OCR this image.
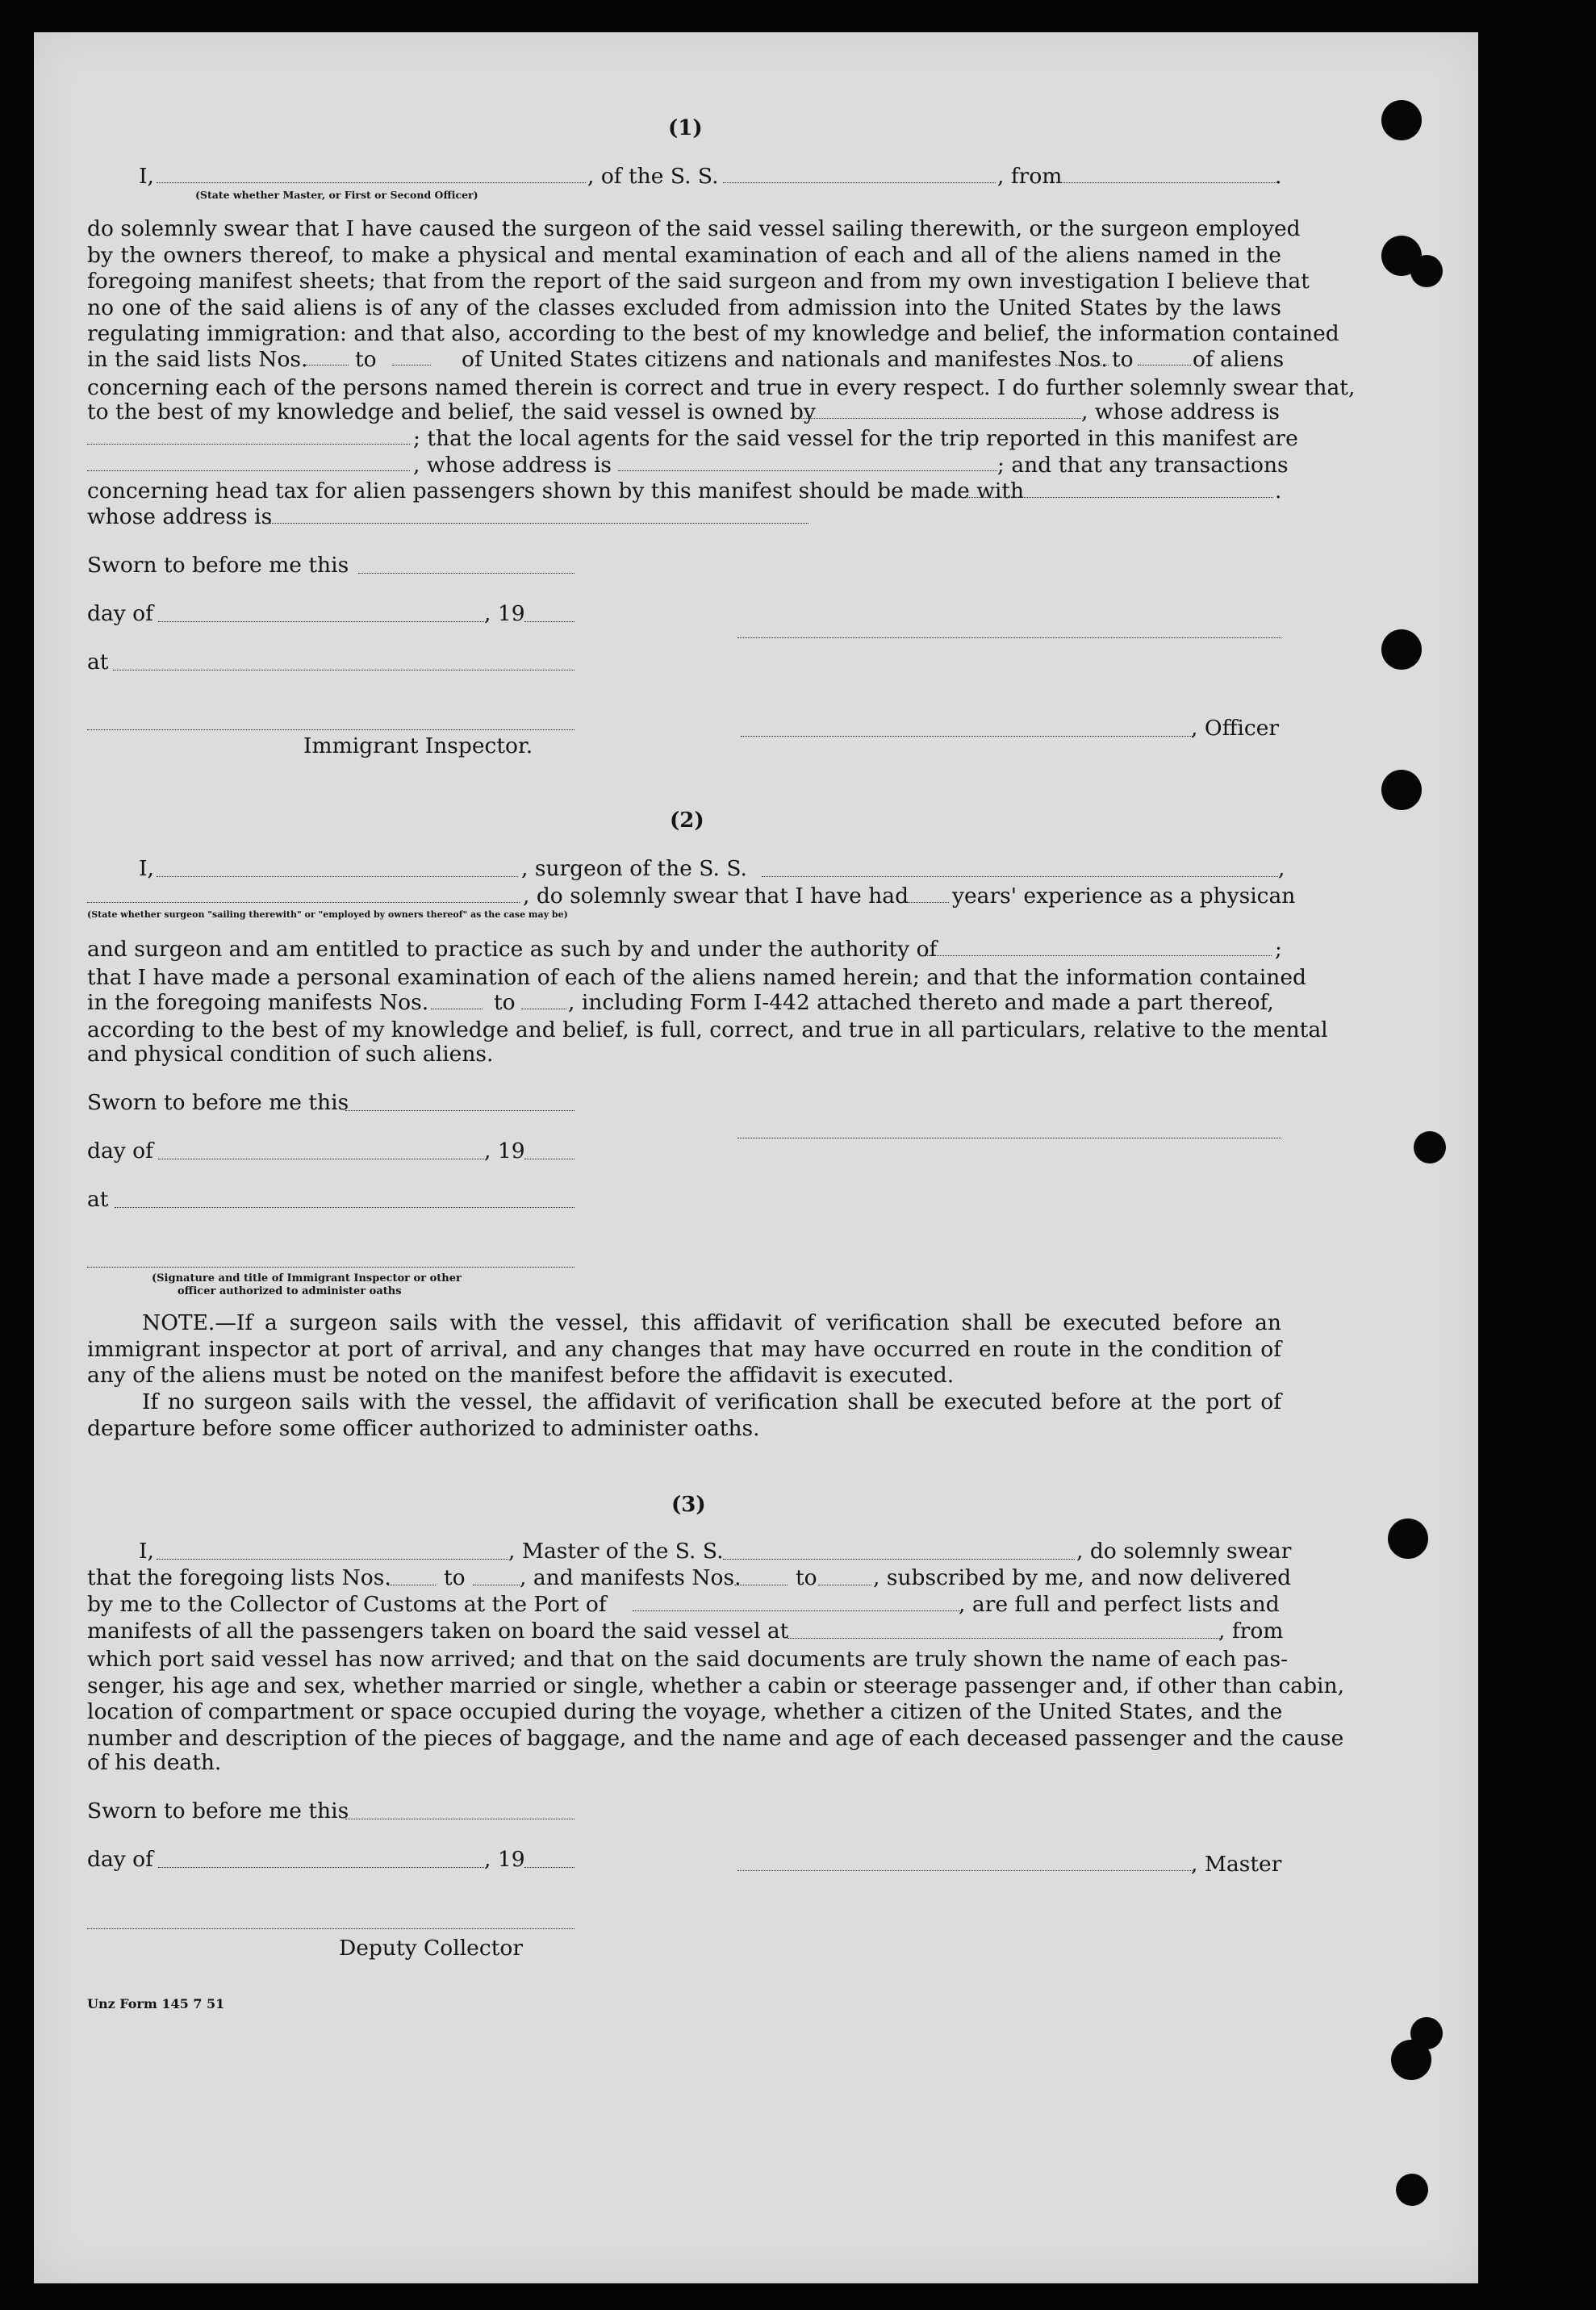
(1)
I,	, of the S. S.	, from	.
(State whether Master, or First or Second Officer)
do solemnly swear that I have caused the surgeon of the said vessel sailing therewith, or the surgeon employed
by the owners thereof, to make a physical and mental examination of each and all of the aliens named in the
foregoing manifest sheets; that from the report of the said surgeon and from my own investigation I believe that
no one of the said aliens is of any of the classes excluded from admission into the United States by the laws
regulating immigration: and that also, according to the best of my knowledge and belief, the information contained
in the said lists Nos. to	of United States citizens and nationals and manifestes Nos. to	of aliens
concerning each of the persons named therein is correct and true in every respect. I do further solemnly swear that,
to the best of my knowledge and belief, the said vessel is owned by	, whose address is
; that the local agents for the said vessel for the trip reported in this manifest are
, whose address is	; and that any transactions
concerning head tax for alien passengers shown by this manifest should be made with	.
whose address is
Sworn to before me this
day of	, 19
at
, Officer
Immigrant Inspector.
(2)
I,	, surgeon of the S. S.	,
, do solemnly swear that I have had years' experience as a physican
(State whether surgeon "sailing therewith" or "employed by owners thereof" as the case may be)
and surgeon and am entitled to practice as such by and under the authority of	;
that I have made a personal examination of each of the aliens named herein; and that the information contained
in the foregoing manifests Nos.	to , including Form I-442 attached thereto and made a part thereof,
according to the best of my knowledge and belief, is full, correct, and true in all particulars, relative to the mental
and physical condition of such aliens.
Sworn to before me this
day of	, 19
at
(Signature and title of Immigrant Inspector or other
officer authorized to administer oaths
NOTE.—If a surgeon sails with the vessel, this affidavit of verification shall be executed before an immigrant inspector at port of arrival, and any changes that may have occurred en route in the condition of any of the aliens must be noted on the manifest before the affidavit is executed.
If no surgeon sails with the vessel, the affidavit of verification shall be executed before at the port of departure before some officer authorized to administer oaths.
(3)
I,	, Master of the S. S.	, do solemnly swear
that the foregoing lists Nos. to	, and manifests Nos.	to	, subscribed by me, and now delivered
by me to the Collector of Customs at the Port of	, are full and perfect lists and
manifests of all the passengers taken on board the said vessel at	, from
which port said vessel has now arrived; and that on the said documents are truly shown the name of each pas-
senger, his age and sex, whether married or single, whether a cabin or steerage passenger and, if other than cabin,
location of compartment or space occupied during the voyage, whether a citizen of the United States, and the
number and description of the pieces of baggage, and the name and age of each deceased passenger and the cause
of his death.
Sworn to before me this
day of	, 19	, Master
Deputy Collector
Unz Form 145 7 51
